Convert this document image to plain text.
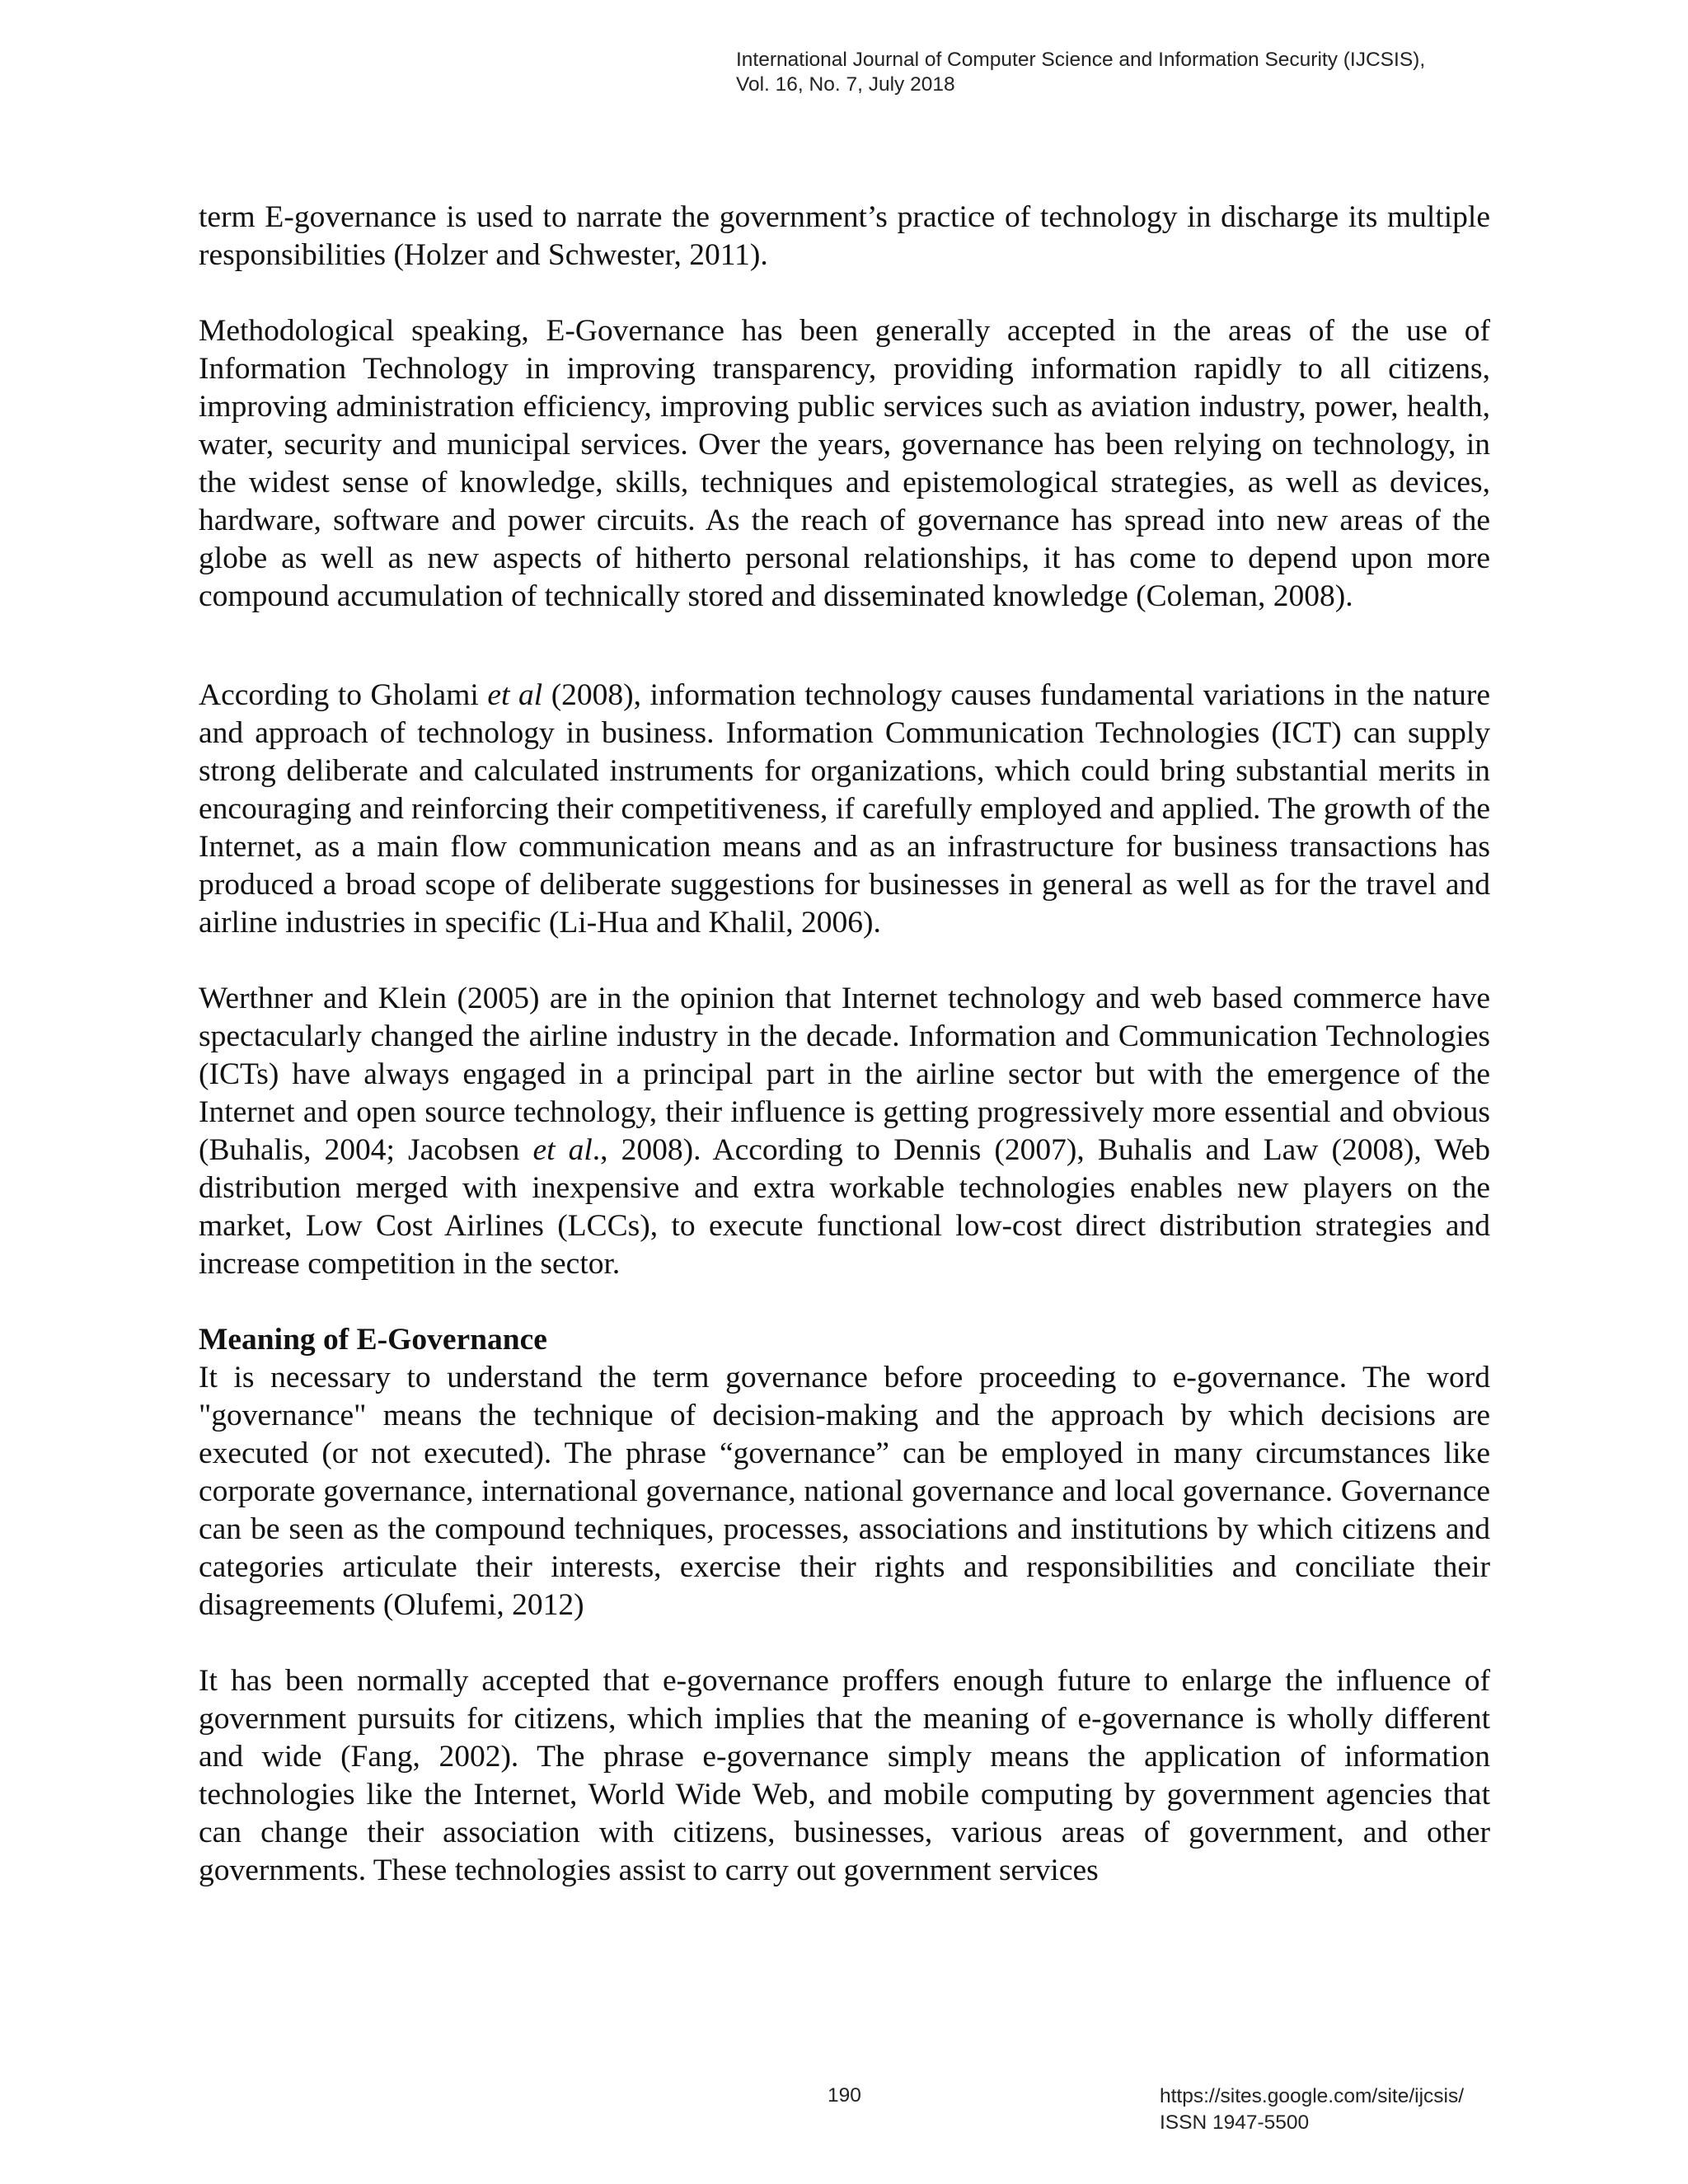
International Journal of Computer Science and Information Security (IJCSIS),
Vol. 16, No. 7, July 2018

term E-governance is used to narrate the government’s practice of technology in discharge its multiple responsibilities (Holzer and Schwester, 2011).

Methodological speaking, E-Governance has been generally accepted in the areas of the use of Information Technology in improving transparency, providing information rapidly to all citizens, improving administration efficiency, improving public services such as aviation industry, power, health, water, security and municipal services. Over the years, governance has been relying on technology, in the widest sense of knowledge, skills, techniques and epistemological strategies, as well as devices, hardware, software and power circuits. As the reach of governance has spread into new areas of the globe as well as new aspects of hitherto personal relationships, it has come to depend upon more compound accumulation of technically stored and disseminated knowledge (Coleman, 2008).

According to Gholami et al (2008), information technology causes fundamental variations in the nature and approach of technology in business. Information Communication Technologies (ICT) can supply strong deliberate and calculated instruments for organizations, which could bring substantial merits in encouraging and reinforcing their competitiveness, if carefully employed and applied. The growth of the Internet, as a main flow communication means and as an infrastructure for business transactions has produced a broad scope of deliberate suggestions for businesses in general as well as for the travel and airline industries in specific (Li-Hua and Khalil, 2006).

Werthner and Klein (2005) are in the opinion that Internet technology and web based commerce have spectacularly changed the airline industry in the decade. Information and Communication Technologies (ICTs) have always engaged in a principal part in the airline sector but with the emergence of the Internet and open source technology, their influence is getting progressively more essential and obvious (Buhalis, 2004; Jacobsen et al., 2008). According to Dennis (2007), Buhalis and Law (2008), Web distribution merged with inexpensive and extra workable technologies enables new players on the market, Low Cost Airlines (LCCs), to execute functional low-cost direct distribution strategies and increase competition in the sector.

Meaning of E-Governance

It is necessary to understand the term governance before proceeding to e-governance. The word "governance" means the technique of decision-making and the approach by which decisions are executed (or not executed). The phrase “governance” can be employed in many circumstances like corporate governance, international governance, national governance and local governance. Governance can be seen as the compound techniques, processes, associations and institutions by which citizens and categories articulate their interests, exercise their rights and responsibilities and conciliate their disagreements (Olufemi, 2012)

It has been normally accepted that e-governance proffers enough future to enlarge the influence of government pursuits for citizens, which implies that the meaning of e-governance is wholly different and wide (Fang, 2002). The phrase e-governance simply means the application of information technologies like the Internet, World Wide Web, and mobile computing by government agencies that can change their association with citizens, businesses, various areas of government, and other governments. These technologies assist to carry out government services

190	https://sites.google.com/site/ijcsis/
ISSN 1947-5500
